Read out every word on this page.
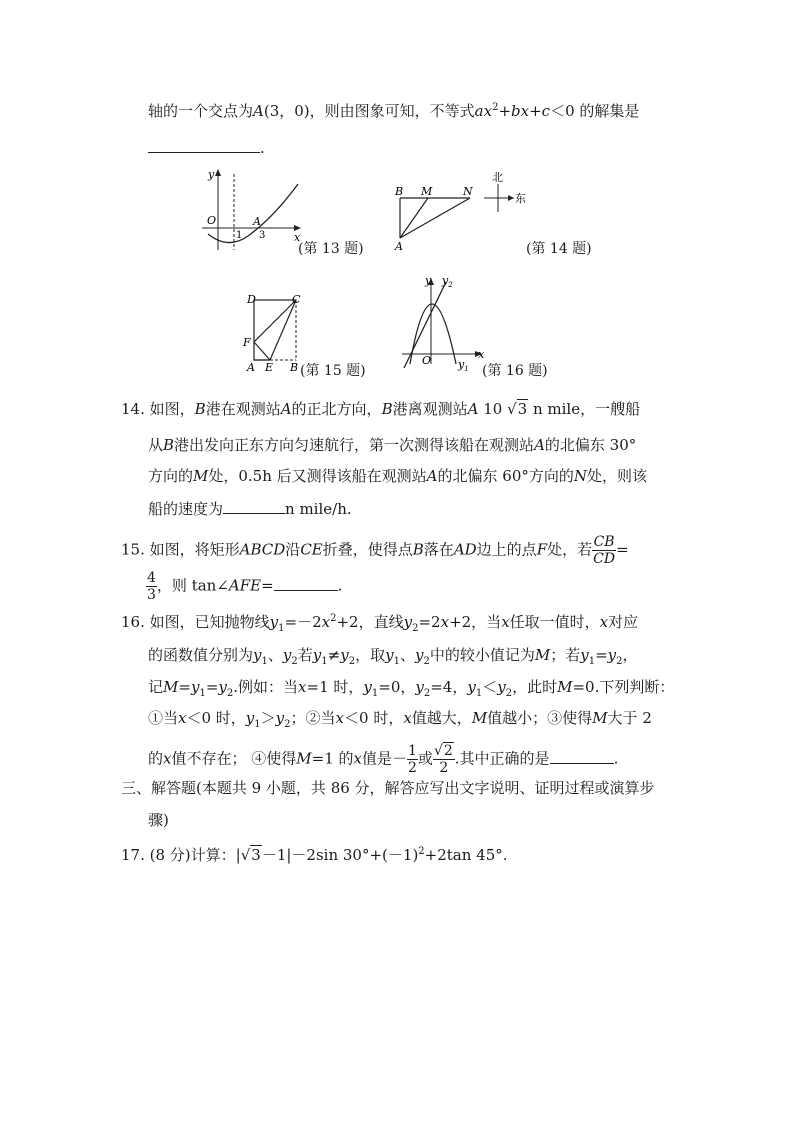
轴的一个交点为A(3，0)，则由图象可知，不等式$ax^2+bx+c<0$ 的解集是
.
y
x
O
1
A
3
(第 13 题)
B M	N
A
北
东
(第 14 题)
D	C
F
A E B (第 15 题)
y $y_2$
x
O $y_1$ (第 16 题)
14. 如图，B港在观测站A的正北方向，B港离观测站A 10 √3 n mile，一艘船
从B港出发向正东方向匀速航行，第一次测得该船在观测站A的北偏东 30°
方向的M处，0.5h 后又测得该船在观测站A的北偏东 60°方向的N处，则该
船的速度为	n mile/h.
15. 如图，将矩形ABCD沿CE折叠，使得点B落在AD边上的点F处，若 $\frac{CB}{CD}$ =
$\frac{4}{3}$ ，则 tan∠AFE=	.
16. 如图，已知抛物线$y_1=-2x^2+2$，直线$y_2=2x+2$，当x任取一值时，x对应
的函数值分别为$y_1$、$y_2$若$y_1\ne y_2$，取$y_1$、$y_2$中的较小值记为M；若$y_1=y_2$，
记$M=y_1=y_2$.例如：当x=1 时，$y_1=0$，$y_2=4$，$y_1<y_2$，此时M=0.下列判断：
①当x＜0 时，$y_1>y_2$；②当x＜0 时，x值越大，M值越小；③使得M大于 2
的x值不存在； ④使得M=1 的x值是－ $\frac{1}{2}$ 或 $\frac{√2}{2}$ .其中正确的是	.
三、解答题(本题共 9 小题，共 86 分，解答应写出文字说明、证明过程或演算步
骤)
17. (8 分)计算：|√3－1|－2sin $30^\circ+(-1)^2+2\tan$ 45°.
